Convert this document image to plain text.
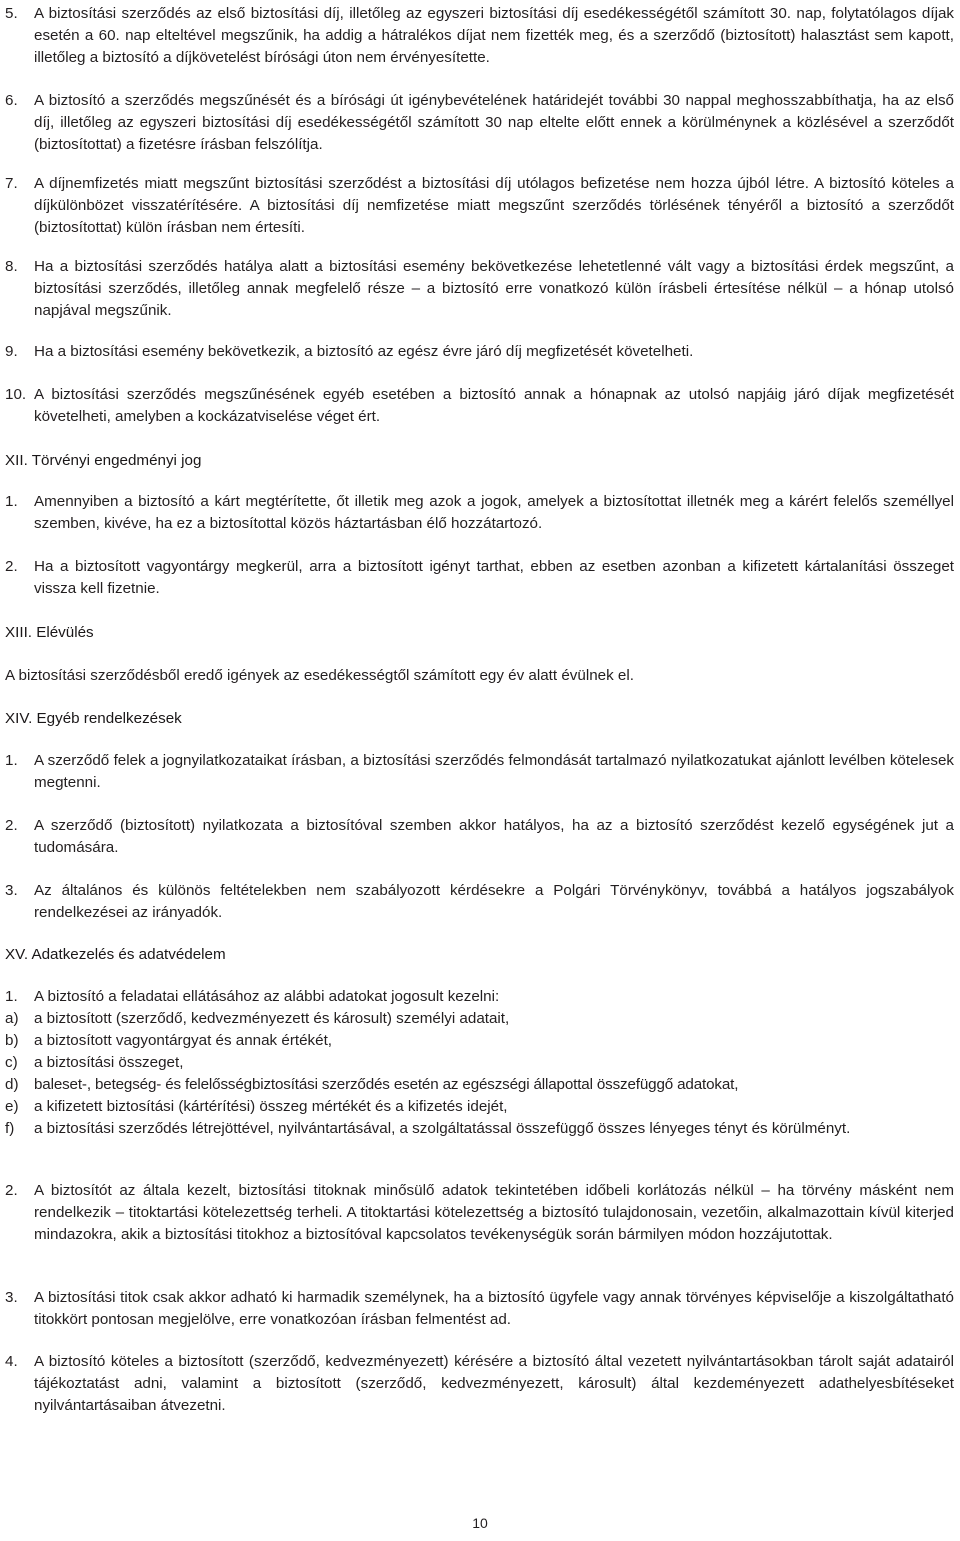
5.	A biztosítási szerződés az első biztosítási díj, illetőleg az egyszeri biztosítási díj esedékességétől számított 30. nap, folytatólagos díjak esetén a 60. nap elteltével megszűnik, ha addig a hátralékos díjat nem fizették meg, és a szerződő (biztosított) halasztást sem kapott, illetőleg a biztosító a díjkövetelést bírósági úton nem érvényesítette.
6.	A biztosító a szerződés megszűnését és a bírósági út igénybevételének határidejét további 30 nappal meghosszabbíthatja, ha az első díj, illetőleg az egyszeri biztosítási díj esedékességétől számított 30 nap eltelte előtt ennek a körülménynek a közlésével a szerződőt (biztosítottat) a fizetésre írásban felszólítja.
7.	A díjnemfizetés miatt megszűnt biztosítási szerződést a biztosítási díj utólagos befizetése nem hozza újból létre. A biztosító köteles a díjkülönbözet visszatérítésére. A biztosítási díj nemfizetése miatt megszűnt szerződés törlésének tényéről a biztosító a szerződőt (biztosítottat) külön írásban nem értesíti.
8.	Ha a biztosítási szerződés hatálya alatt a biztosítási esemény bekövetkezése lehetetlenné vált vagy a biztosítási érdek megszűnt, a biztosítási szerződés, illetőleg annak megfelelő része – a biztosító erre vonatkozó külön írásbeli értesítése nélkül – a hónap utolsó napjával megszűnik.
9.	Ha a biztosítási esemény bekövetkezik, a biztosító az egész évre járó díj megfizetését követelheti.
10. A biztosítási szerződés megszűnésének egyéb esetében a biztosító annak a hónapnak az utolsó napjáig járó díjak megfizetését követelheti, amelyben a kockázatviselése véget ért.
XII. Törvényi engedményi jog
1.	Amennyiben a biztosító a kárt megtérítette, őt illetik meg azok a jogok, amelyek a biztosítottat illetnék meg a kárért felelős személlyel szemben, kivéve, ha ez a biztosítottal közös háztartásban élő hozzátartozó.
2.	Ha a biztosított vagyontárgy megkerül, arra a biztosított igényt tarthat, ebben az esetben azonban a kifizetett kártalanítási összeget vissza kell fizetnie.
XIII. Elévülés
A biztosítási szerződésből eredő igények az esedékességtől számított egy év alatt évülnek el.
XIV. Egyéb rendelkezések
1.	A szerződő felek a jognyilatkozataikat írásban, a biztosítási szerződés felmondását tartalmazó nyilatkozatukat ajánlott levélben kötelesek megtenni.
2.	A szerződő (biztosított) nyilatkozata a biztosítóval szemben akkor hatályos, ha az a biztosító szerződést kezelő egységének jut a tudomására.
3.	Az általános és különös feltételekben nem szabályozott kérdésekre a Polgári Törvénykönyv, továbbá a hatályos jogszabályok rendelkezései az irányadók.
XV. Adatkezelés és adatvédelem
1.	A biztosító a feladatai ellátásához az alábbi adatokat jogosult kezelni:
a)	a biztosított (szerződő, kedvezményezett és károsult) személyi adatait,
b)	a biztosított vagyontárgyat és annak értékét,
c)	a biztosítási összeget,
d)	baleset-, betegség- és felelősségbiztosítási szerződés esetén az egészségi állapottal összefüggő adatokat,
e)	a kifizetett biztosítási (kártérítési) összeg mértékét és a kifizetés idejét,
f)	a biztosítási szerződés létrejöttével, nyilvántartásával, a szolgáltatással összefüggő összes lényeges tényt és körülményt.
2.	A biztosítót az általa kezelt, biztosítási titoknak minősülő adatok tekintetében időbeli korlátozás nélkül – ha törvény másként nem rendelkezik – titoktartási kötelezettség terheli. A titoktartási kötelezettség a biztosító tulajdonosain, vezetőin, alkalmazottain kívül kiterjed mindazokra, akik a biztosítási titokhoz a biztosítóval kapcsolatos tevékenységük során bármilyen módon hozzájutottak.
3.	A biztosítási titok csak akkor adható ki harmadik személynek, ha a biztosító ügyfele vagy annak törvényes képviselője a kiszolgáltatható titokkört pontosan megjelölve, erre vonatkozóan írásban felmentést ad.
4.	A biztosító köteles a biztosított (szerződő, kedvezményezett) kérésére a biztosító által vezetett nyilvántartásokban tárolt saját adatairól tájékoztatást adni, valamint a biztosított (szerződő, kedvezményezett, károsult) által kezdeményezett adathelyesbítéseket nyilvántartásaiban átvezetni.
10
